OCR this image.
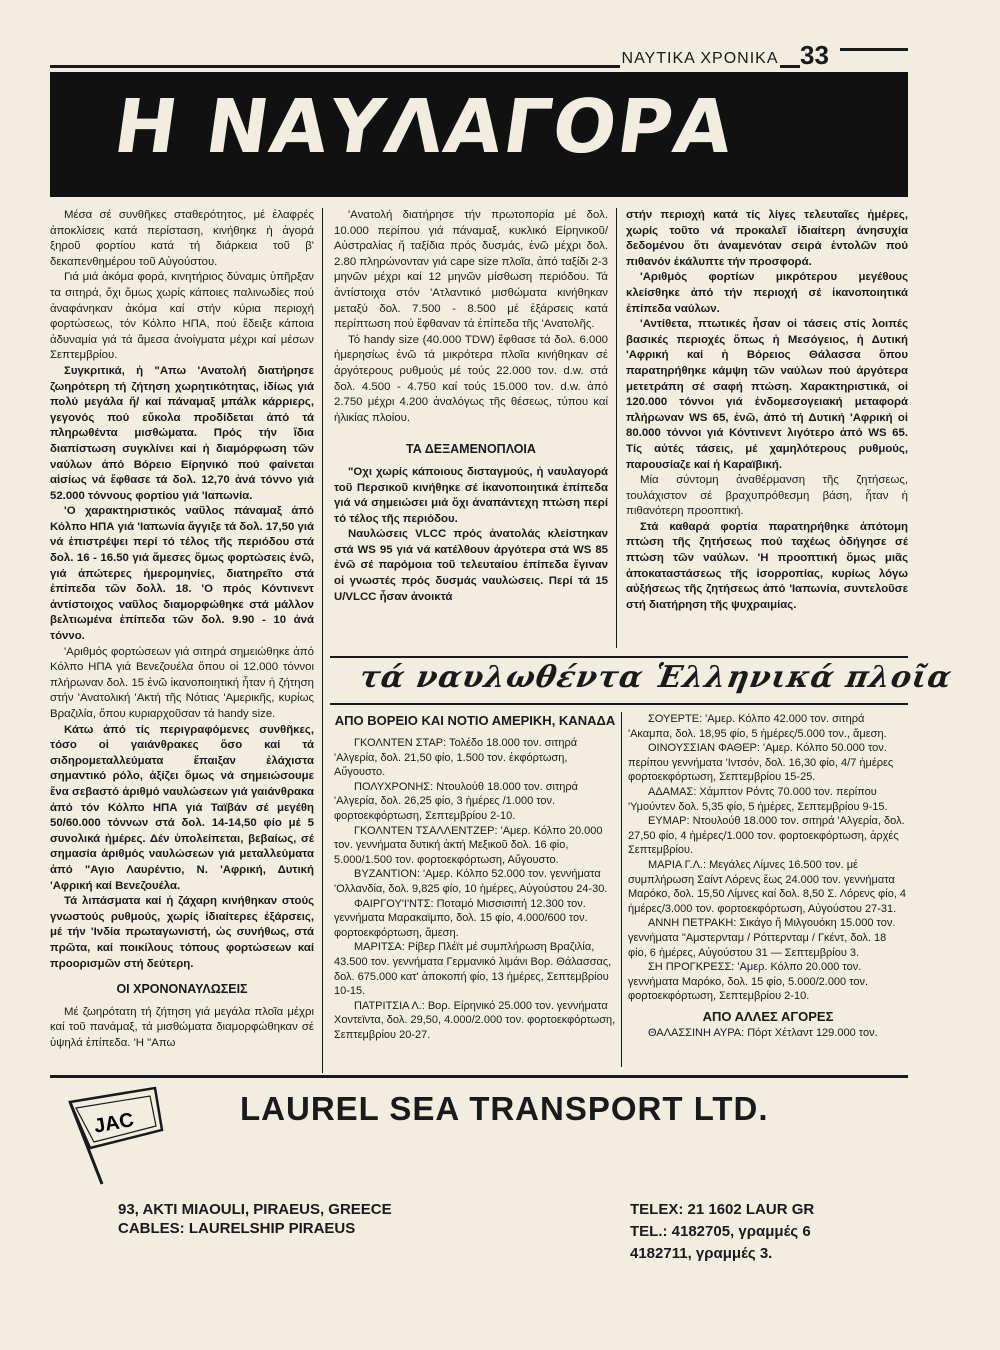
ΝΑΥΤΙΚΑ ΧΡΟΝΙΚΑ 33
Η ΝΑΥΛΑΓΟΡΑ

Μέσα σέ συνθῆκες σταθερότητος, μέ ἐλαφρές ἀποκλίσεις κατά περίσταση, κινήθηκε ἡ ἀγορά ξηροῦ φορτίου κατά τή διάρκεια τοῦ β' δεκαπενθημέρου τοῦ Αὐγούστου.

Γιά μιά ἀκόμα φορά, κινητήριος δύναμις ὑπῆρξαν τα σιτηρά, ὄχι ὅμως χωρίς κάποιες παλινωδίες πού ἀναφάνηκαν ἀκόμα καί στήν κύρια περιοχή φορτώσεως, τόν Κόλπο ΗΠΑ, πού ἔδειξε κάποια ἀδυναμία γιά τά ἄμεσα ἀνοίγματα μέχρι καί μέσων Σεπτεμβρίου.

Συγκριτικά, ἡ "Απω 'Ανατολή διατήρησε ζωηρότερη τή ζήτηση χωρητικότητας, ἰδίως γιά πολύ μεγάλα ἤ/ καί πάναμαξ μπάλκ κάρριερς, γεγονός πού εὔκολα προδίδεται ἀπό τά πληρωθέντα μισθώματα. Πρός τήν ἴδια διαπίστωση συγκλίνει καί ἡ διαμόρφωση τῶν ναύλων ἀπό Βόρειο Είρηνικό πού φαίνεται αἰσίως νά ἔφθασε τά δολ. 12,70 ἀνά τόννο γιά 52.000 τόννους φορτίου γιά 'Ιαπωνία.

'Ο χαρακτηριστικός ναῦλος πάναμαξ ἀπό Κόλπο ΗΠΑ γιά 'Ιαπωνία ἄγγιξε τά δολ. 17,50 γιά νά ἐπιστρέψει περί τό τέλος τῆς περιόδου στά δολ. 16 - 16.50 γιά ἄμεσες ὅμως φορτώσεις ἐνῶ, γιά ἀπώτερες ἡμερομηνίες, διατηρεῖτο στά ἐπίπεδα τῶν δολλ. 18. 'Ο πρός Κόντινεντ ἀντίστοιχος ναῦλος διαμορφώθηκε στά μάλλον βελτιωμένα ἐπίπεδα τῶν δολ. 9.90 - 10 ἀνά τόννο.

'Αριθμός φορτώσεων γιά σιτηρά σημειώθηκε ἀπό Κόλπο ΗΠΑ γιά Βενεζουέλα ὅπου οἱ 12.000 τόννοι πλήρωναν δολ. 15 ἐνῶ ἱκανοποιητική ἦταν ἡ ζήτηση στήν 'Ανατολική 'Ακτή τῆς Νότιας 'Αμερικῆς, κυρίως Βραζιλία, ὅπου κυριαρχοῦσαν τά handy size.

Κάτω ἀπό τίς περιγραφόμενες συνθῆκες, τόσο οἱ γαιάνθρακες ὅσο καί τά σιδηρομεταλλεύματα ἔπαιξαν ἐλάχιστα σημαντικό ρόλο, ἀξίζει ὅμως νά σημειώσουμε ἕνα σεβαστό ἀριθμό ναυλώσεων γιά γαιάνθρακα ἀπό τόν Κόλπο ΗΠΑ γιά Ταϊβάν σέ μεγέθη 50/60.000 τόννων στά δολ. 14-14,50 φίο μέ 5 συνολικά ἡμέρες. Δέν ὑπολείπεται, βεβαίως, σέ σημασία ἀριθμός ναυλώσεων γιά μεταλλεύματα ἀπό "Αγιο Λαυρέντιο, Ν. 'Αφρική, Δυτική 'Αφρική καί Βενεζουέλα.

Τά λιπάσματα καί ἡ ζάχαρη κινήθηκαν στούς γνωστούς ρυθμούς, χωρίς ἰδιαίτερες ἐξάρσεις, μέ τήν 'Ινδία πρωταγωνιστή, ὡς συνήθως, στά πρῶτα, καί ποικίλους τόπους φορτώσεων καί προορισμῶν στή δεύτερη.

ΟΙ ΧΡΟΝΟΝΑΥΛΩΣΕΙΣ

Μέ ζωηρότατη τή ζήτηση γιά μεγάλα πλοῖα μέχρι καί τοῦ πανάμαξ, τά μισθώματα διαμορφώθηκαν σέ ὑψηλά ἐπίπεδα. 'Η "Απω

'Ανατολή διατήρησε τήν πρωτοπορία μέ δολ. 10.000 περίπου γιά πάναμαξ, κυκλικό Είρηνικοῦ/ Αὐστραλίας ἤ ταξίδια πρός δυσμάς, ἐνῶ μέχρι δολ. 2.80 πληρώνονταν γιά cape size πλοῖα, ἀπό ταξίδι 2-3 μηνῶν μέχρι καί 12 μηνῶν μίσθωση περιόδου. Τά ἀντίστοιχα στόν 'Ατλαντικό μισθώματα κινήθηκαν μεταξύ δολ. 7.500 - 8.500 μέ ἐξάρσεις κατά περίπτωση πού ἔφθαναν τά ἐπίπεδα τῆς 'Ανατολῆς.

Τό handy size (40.000 TDW) ἔφθασε τά δολ. 6.000 ἡμερησίως ἐνῶ τά μικρότερα πλοῖα κινήθηκαν σέ ἀργότερους ρυθμούς μέ τούς 22.000 τον. d.w. στά δολ. 4.500 - 4.750 καί τούς 15.000 τον. d.w. ἀπό 2.750 μέχρι 4.200 ἀναλόγως τῆς θέσεως, τύπου καί ἡλικίας πλοίου.

ΤΑ ΔΕΞΑΜΕΝΟΠΛΟΙΑ

"Οχι χωρίς κάποιους δισταγμούς, ἡ ναυλαγορά τοῦ Περσικοῦ κινήθηκε σέ ἱκανοποιητικά ἐπίπεδα γιά νά σημειώσει μιά ὄχι ἀναπάντεχη πτώση περί τό τέλος τῆς περιόδου.

Ναυλώσεις VLCC πρός ἀνατολάς κλείστηκαν στά WS 95 γιά νά κατέλθουν ἀργότερα στά WS 85 ἐνῶ σέ παρόμοια τοῦ τελευταίου ἐπίπεδα ἔγιναν οἱ γνωστές πρός δυσμάς ναυλώσεις. Περί τά 15 U/VLCC ἦσαν ἀνοικτά

στήν περιοχή κατά τίς λίγες τελευταῖες ἡμέρες, χωρίς τοῦτο νά προκαλεῖ ἰδιαίτερη ἀνησυχία δεδομένου ὅτι ἀναμενόταν σειρά ἐντολῶν πού πιθανόν ἐκάλυπτε τήν προσφορά.

'Αριθμός φορτίων μικρότερου μεγέθους κλείσθηκε ἀπό τήν περιοχή σέ ἱκανοποιητικά ἐπίπεδα ναύλων.

'Αντίθετα, πτωτικές ἦσαν οἱ τάσεις στίς λοιπές βασικές περιοχές ὅπως ἡ Μεσόγειος, ἡ Δυτική 'Αφρική καί ἡ Βόρειος Θάλασσα ὅπου παρατηρήθηκε κάμψη τῶν ναύλων πού ἀργότερα μετετράπη σέ σαφή πτώση. Χαρακτηριστικά, οἱ 120.000 τόννοι γιά ἐνδομεσογειακή μεταφορά πλήρωναν WS 65, ἐνῶ, ἀπό τή Δυτική 'Αφρική οἱ 80.000 τόννοι γιά Κόντινεντ λιγότερο ἀπό WS 65. Τίς αὐτές τάσεις, μέ χαμηλότερους ρυθμούς, παρουσίαζε καί ἡ Καραϊβική.

Μία σύντομη ἀναθέρμανση τῆς ζητήσεως, τουλάχιστον σέ βραχυπρόθεσμη βάση, ἦταν ἡ πιθανότερη προοπτική.

Στά καθαρά φορτία παρατηρήθηκε ἀπότομη πτώση τῆς ζητήσεως πού ταχέως ὁδήγησε σέ πτώση τῶν ναύλων. 'Η προοπτική ὅμως μιᾶς ἀποκαταστάσεως τῆς ἰσορροπίας, κυρίως λόγω αὐξήσεως τῆς ζητήσεως ἀπό 'Ιαπωνία, συντελοῦσε στή διατήρηση τῆς ψυχραιμίας.

τά ναυλωθέντα Ἑλληνικά πλοῖα
ΑΠΟ ΒΟΡΕΙΟ ΚΑΙ ΝΟΤΙΟ ΑΜΕΡΙΚΗ, ΚΑΝΑΔΑ

ΓΚΟΛΝΤΕΝ ΣΤΑΡ: Τολέδο 18.000 τον. σιτηρά 'Αλγερία, δολ. 21,50 φίο, 1.500 τον. ἐκφόρτωση, Αὔγουστο.

ΠΟΛΥΧΡΟΝΗΣ: Ντουλούθ 18.000 τον. σιτηρά 'Αλγερία, δολ. 26,25 φίο, 3 ἡμέρες /1.000 τον. φορτοεκφόρτωση, Σεπτεμβρίου 2-10.

ΓΚΟΛΝΤΕΝ ΤΣΑΛΛΕΝΤΖΕΡ: 'Αμερ. Κόλπο 20.000 τον. γεννήματα δυτική ἀκτή Μεξικοῦ δολ. 16 φίο, 5.000/1.500 τον. φορτοεκφόρτωση, Αὔγουστο.

ΒΥΖΑΝΤΙΟΝ: 'Αμερ. Κόλπο 52.000 τον. γεννήματα 'Ολλανδία, δολ. 9,825 φίο, 10 ἡμέρες, Αὐγούστου 24-30.

ΦΑΙΡΓΟΥ'Ι'ΝΤΣ: Ποταμό Μισσισιπή 12.300 τον. γεννήματα Μαρακαϊμπο, δολ. 15 φίο, 4.000/600 τον. φορτοεκφόρτωση, ἄμεση.

ΜΑΡΙΤΣΑ: Ρίβερ Πλέϊτ μέ συμπλήρωση Βραζιλία, 43.500 τον. γεννήματα Γερμανικό λιμάνι Βορ. Θάλασσας, δολ. 675.000 κατ' ἀποκοπή φίο, 13 ἡμέρες, Σεπτεμβρίου 10-15.

ΠΑΤΡΙΤΣΙΑ Λ.: Βορ. Είρηνικό 25.000 τον. γεννήματα Χοντεϊντα, δολ. 29,50, 4.000/2.000 τον. φορτοεκφόρτωση, Σεπτεμβρίου 20-27.

ΣΟΥΕΡΤΕ: 'Αμερ. Κόλπο 42.000 τον. σιτηρά 'Ακαμπα, δολ. 18,95 φίο, 5 ἡμέρες/5.000 τον., ἄμεση.

ΟΙΝΟΥΣΣΙΑΝ ΦΑΘΕΡ: 'Αμερ. Κόλπο 50.000 τον. περίπου γεννήματα 'Ιντσόν, δολ. 16,30 φίο, 4/7 ἡμέρες φορτοεκφόρτωση, Σεπτεμβρίου 15-25.

ΑΔΑΜΑΣ: Χάμπτον Ρόντς 70.000 τον. περίπου 'Υμούντεν δολ. 5,35 φίο, 5 ἡμέρες, Σεπτεμβρίου 9-15.

ΕΥΜΑΡ: Ντουλούθ 18.000 τον. σιτηρά 'Αλγερία, δολ. 27,50 φίο, 4 ἡμέρες/1.000 τον. φορτοεκφόρτωση, ἀρχές Σεπτεμβρίου.

ΜΑΡΙΑ Γ.Λ.: Μεγάλες Λίμνες 16.500 τον. μέ συμπλήρωση Σαίντ Λόρενς ἕως 24.000 τον. γεννήματα Μαρόκο, δολ. 15,50 Λίμνες καί δολ. 8,50 Σ. Λόρενς φίο, 4 ἡμέρες/3.000 τον. φορτοεκφόρτωση, Αὐγούστου 27-31.

ΑΝΝΗ ΠΕΤΡΑΚΗ: Σικάγο ἤ Μιλγουόκη 15.000 τον. γεννήματα "Αμστερνταμ / Ρόττερνταμ / Γκέντ, δολ. 18 φίο, 6 ἡμέρες, Αὐγούστου 31 — Σεπτεμβρίου 3.

ΣΗ ΠΡΟΓΚΡΕΣΣ: 'Αμερ. Κόλπο 20.000 τον. γεννήματα Μαρόκο, δολ. 15 φίο, 5.000/2.000 τον. φορτοεκφόρτωση, Σεπτεμβρίου 2-10.

ΑΠΟ ΑΛΛΕΣ ΑΓΟΡΕΣ

ΘΑΛΑΣΣΙΝΗ ΑΥΡΑ: Πόρτ Χέτλαντ 129.000 τον.

JAC	LAUREL SEA TRANSPORT LTD.
93, AKTI MIAOULI, PIRAEUS, GREECE
CABLES: LAURELSHIP PIRAEUS
TELEX: 21 1602 LAUR GR
TEL.: 4182705, γραμμές 6
4182711, γραμμές 3.
